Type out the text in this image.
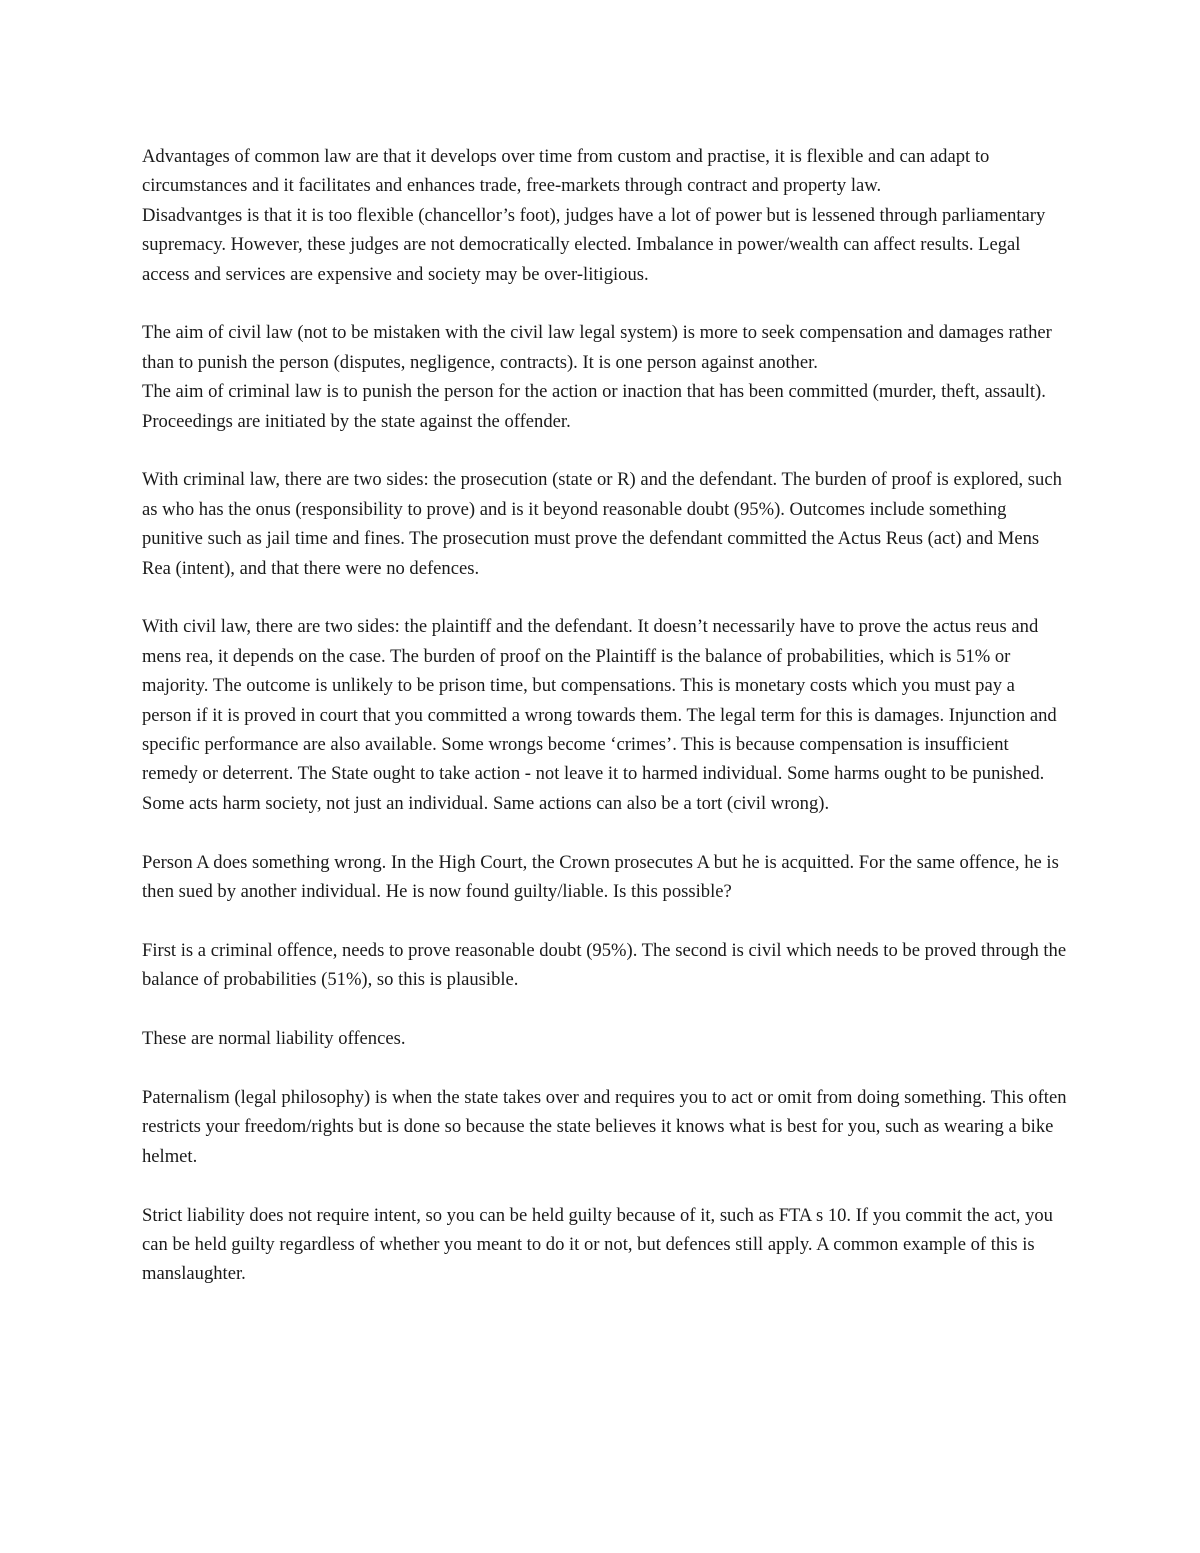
Advantages of common law are that it develops over time from custom and practise, it is flexible and can adapt to circumstances and it facilitates and enhances trade, free-markets through contract and property law.

Disadvantges is that it is too flexible (chancellor’s foot), judges have a lot of power but is lessened through parliamentary supremacy. However, these judges are not democratically elected. Imbalance in power/wealth can affect results. Legal access and services are expensive and society may be over-litigious.

The aim of civil law (not to be mistaken with the civil law legal system) is more to seek compensation and damages rather than to punish the person (disputes, negligence, contracts). It is one person against another.

The aim of criminal law is to punish the person for the action or inaction that has been committed (murder, theft, assault). Proceedings are initiated by the state against the offender.

With criminal law, there are two sides: the prosecution (state or R) and the defendant. The burden of proof is explored, such as who has the onus (responsibility to prove) and is it beyond reasonable doubt (95%). Outcomes include something punitive such as jail time and fines. The prosecution must prove the defendant committed the Actus Reus (act) and Mens Rea (intent), and that there were no defences.

With civil law, there are two sides: the plaintiff and the defendant. It doesn’t necessarily have to prove the actus reus and mens rea, it depends on the case. The burden of proof on the Plaintiff is the balance of probabilities, which is 51% or majority. The outcome is unlikely to be prison time, but compensations. This is monetary costs which you must pay a person if it is proved in court that you committed a wrong towards them. The legal term for this is damages. Injunction and specific performance are also available. Some wrongs become ‘crimes’. This is because compensation is insufficient remedy or deterrent. The State ought to take action - not leave it to harmed individual. Some harms ought to be punished. Some acts harm society, not just an individual. Same actions can also be a tort (civil wrong).

Person A does something wrong. In the High Court, the Crown prosecutes A but he is acquitted. For the same offence, he is then sued by another individual. He is now found guilty/liable. Is this possible?

First is a criminal offence, needs to prove reasonable doubt (95%). The second is civil which needs to be proved through the balance of probabilities (51%), so this is plausible.

These are normal liability offences.

Paternalism (legal philosophy) is when the state takes over and requires you to act or omit from doing something. This often restricts your freedom/rights but is done so because the state believes it knows what is best for you, such as wearing a bike helmet.

Strict liability does not require intent, so you can be held guilty because of it, such as FTA s 10. If you commit the act, you can be held guilty regardless of whether you meant to do it or not, but defences still apply. A common example of this is manslaughter.
